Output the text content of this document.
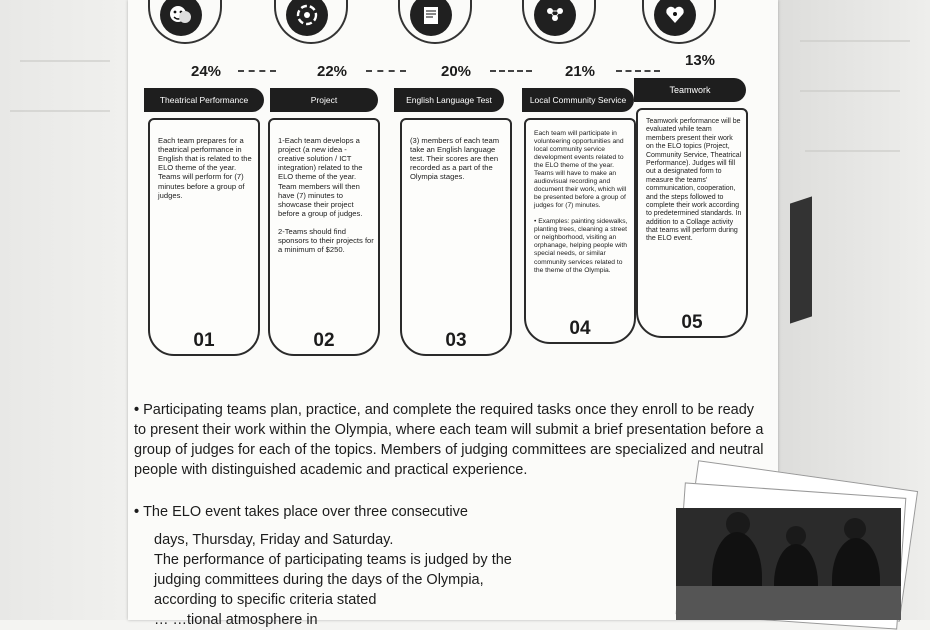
24%
Theatrical Performance
Each team prepares for a theatrical performance in English that is related to the ELO theme of the year. Teams will perform for (7) minutes before a group of judges.
01
22%
Project
1-Each team develops a project (a new idea - creative solution / ICT integration) related to the ELO theme of the year. Team members will then have (7) minutes to showcase their project before a group of judges.

2-Teams should find sponsors to their projects for a minimum of $250.
02
20%
English Language Test
(3) members of each team take an English language test. Their scores are then recorded as a part of the Olympia stages.
03
21%
Local Community Service
Each team will participate in volunteering opportunities and local community service development events related to the ELO theme of the year. Teams will have to make an audiovisual recording and document their work, which will be presented before a group of judges for (7) minutes.

• Examples: painting sidewalks, planting trees, cleaning a street or neighborhood, visiting an orphanage, helping people with special needs, or similar community services related to the theme of the Olympia.
04
13%
Teamwork
Teamwork performance will be evaluated while team members present their work on the ELO topics (Project, Community Service, Theatrical Performance). Judges will fill out a designated form to measure the teams' communication, cooperation, and the steps followed to complete their work according to predetermined standards. In addition to a Collage activity that teams will perform during the ELO event.
05
• Participating teams plan, practice, and complete the required tasks once they enroll to be ready to present their work within the Olympia, where each team will submit a brief presentation before a group of judges for each of the topics. Members of judging committees are specialized and neutral people with distinguished academic and practical experience.
• The ELO event takes place over three consecutive
days, Thursday, Friday and Saturday.
The performance of participating teams is judged by the judging committees during the days of the Olympia, according to specific criteria stated
… …tional atmosphere in
